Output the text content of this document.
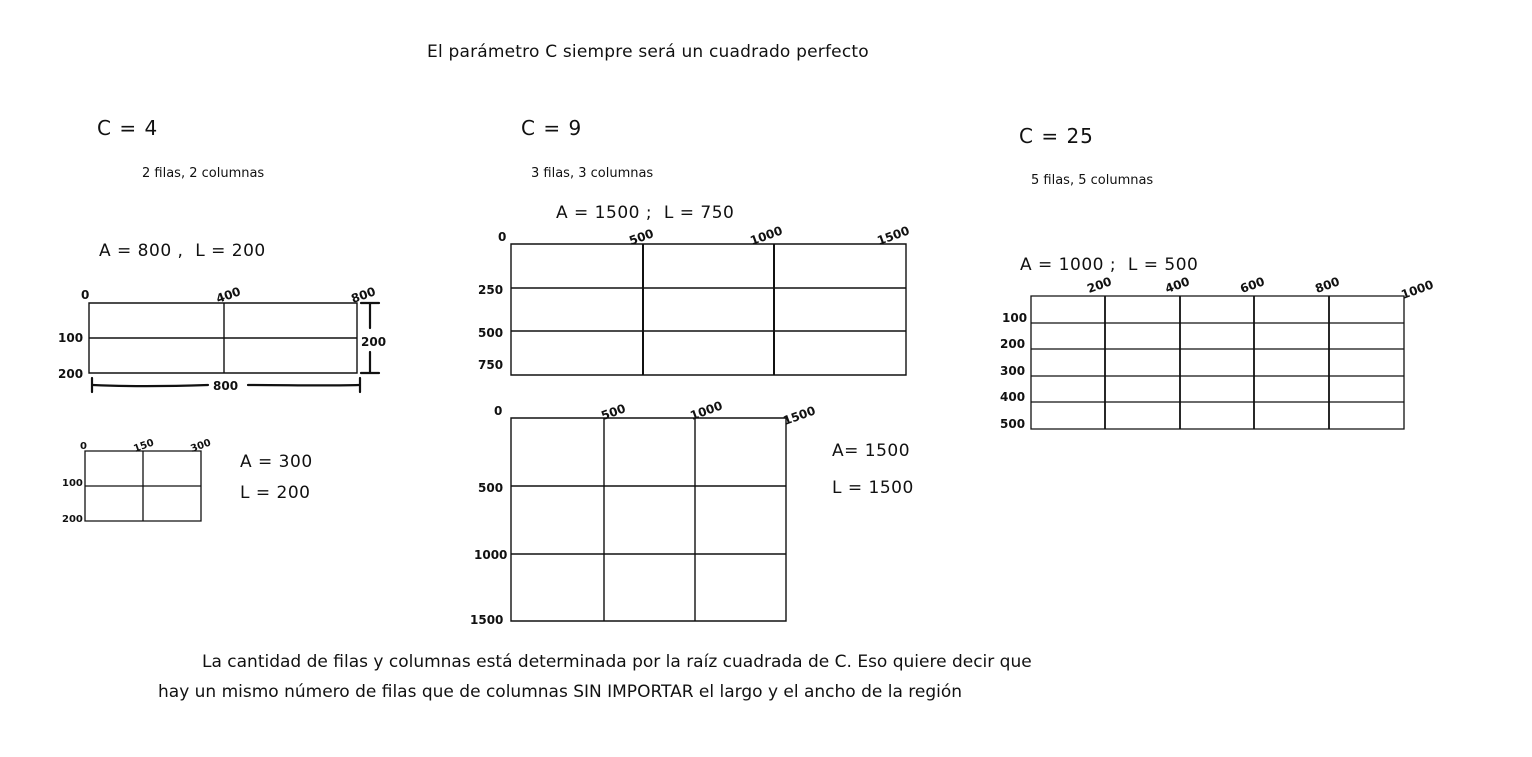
El parámetro C siempre será un cuadrado perfecto
C = 4
2 filas, 2 columnas
A = 800 ,  L = 200
0	400	800
100
200
800
200
0	150	300
100
200
A = 300
L = 200
C = 9
3 filas, 3 columnas
A = 1500 ;  L = 750
0	500	1000	1500
250
500
750
0	500	1000	1500
500
1000
1500
A= 1500
L = 1500
C = 25
5 filas, 5 columnas
A = 1000 ;  L = 500
200	400	600	800	1000
100
200
300
400
500
La cantidad de filas y columnas está determinada por la raíz cuadrada de C. Eso quiere decir que
hay un mismo número de filas que de columnas SIN IMPORTAR el largo y el ancho de la región
